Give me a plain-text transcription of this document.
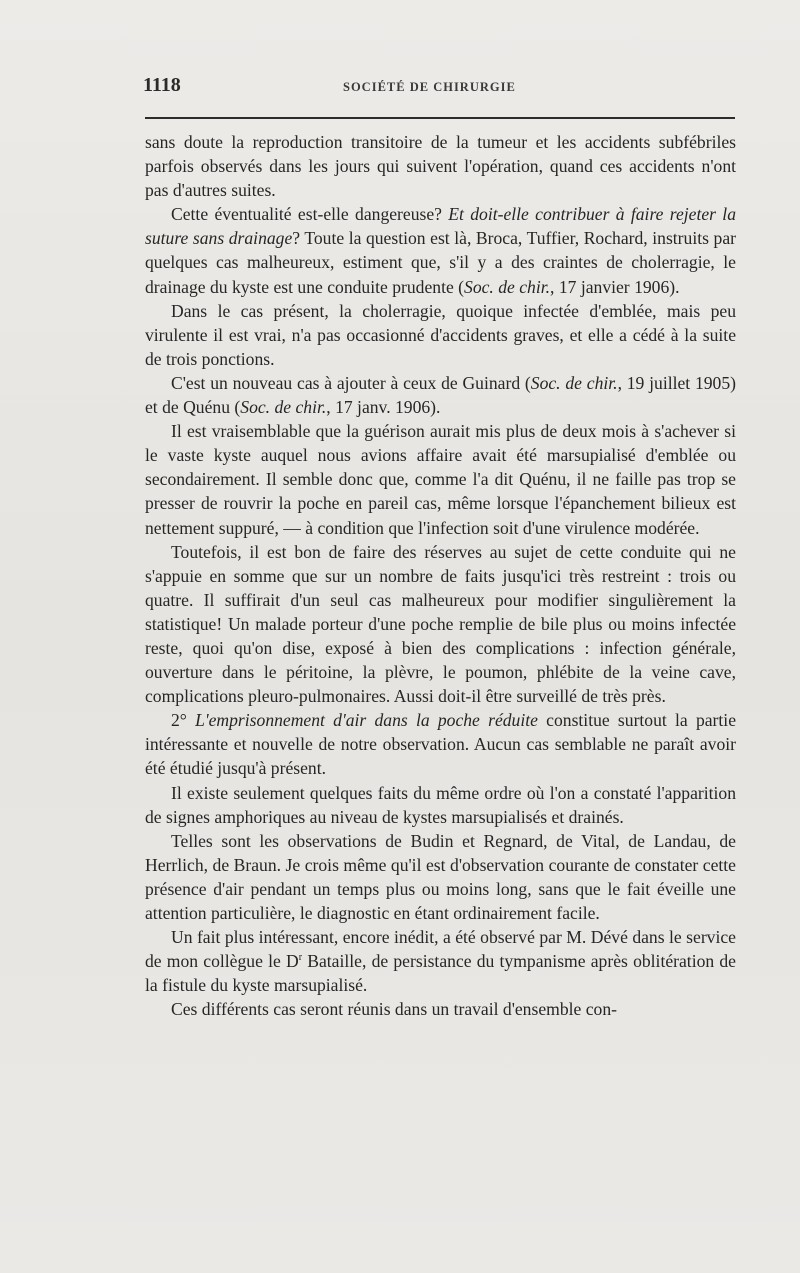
1118	SOCIÉTÉ DE CHIRURGIE

sans doute la reproduction transitoire de la tumeur et les accidents subfébriles parfois observés dans les jours qui suivent l'opération, quand ces accidents n'ont pas d'autres suites.

Cette éventualité est-elle dangereuse? Et doit-elle contribuer à faire rejeter la suture sans drainage? Toute la question est là, Broca, Tuffier, Rochard, instruits par quelques cas malheureux, estiment que, s'il y a des craintes de cholerragie, le drainage du kyste est une conduite prudente (Soc. de chir., 17 janvier 1906).

Dans le cas présent, la cholerragie, quoique infectée d'emblée, mais peu virulente il est vrai, n'a pas occasionné d'accidents graves, et elle a cédé à la suite de trois ponctions.

C'est un nouveau cas à ajouter à ceux de Guinard (Soc. de chir., 19 juillet 1905) et de Quénu (Soc. de chir., 17 janv. 1906).

Il est vraisemblable que la guérison aurait mis plus de deux mois à s'achever si le vaste kyste auquel nous avions affaire avait été marsupialisé d'emblée ou secondairement. Il semble donc que, comme l'a dit Quénu, il ne faille pas trop se presser de rouvrir la poche en pareil cas, même lorsque l'épanchement bilieux est nettement suppuré, — à condition que l'infection soit d'une virulence modérée.

Toutefois, il est bon de faire des réserves au sujet de cette conduite qui ne s'appuie en somme que sur un nombre de faits jusqu'ici très restreint : trois ou quatre. Il suffirait d'un seul cas malheureux pour modifier singulièrement la statistique! Un malade porteur d'une poche remplie de bile plus ou moins infectée reste, quoi qu'on dise, exposé à bien des complications : infection générale, ouverture dans le péritoine, la plèvre, le poumon, phlébite de la veine cave, complications pleuro-pulmonaires. Aussi doit-il être surveillé de très près.

2° L'emprisonnement d'air dans la poche réduite constitue surtout la partie intéressante et nouvelle de notre observation. Aucun cas semblable ne paraît avoir été étudié jusqu'à présent.

Il existe seulement quelques faits du même ordre où l'on a constaté l'apparition de signes amphoriques au niveau de kystes marsupialisés et drainés.

Telles sont les observations de Budin et Regnard, de Vital, de Landau, de Herrlich, de Braun. Je crois même qu'il est d'observation courante de constater cette présence d'air pendant un temps plus ou moins long, sans que le fait éveille une attention particulière, le diagnostic en étant ordinairement facile.

Un fait plus intéressant, encore inédit, a été observé par M. Dévé dans le service de mon collègue le $D^r$ Bataille, de persistance du tympanisme après oblitération de la fistule du kyste marsupialisé.

Ces différents cas seront réunis dans un travail d'ensemble con-
